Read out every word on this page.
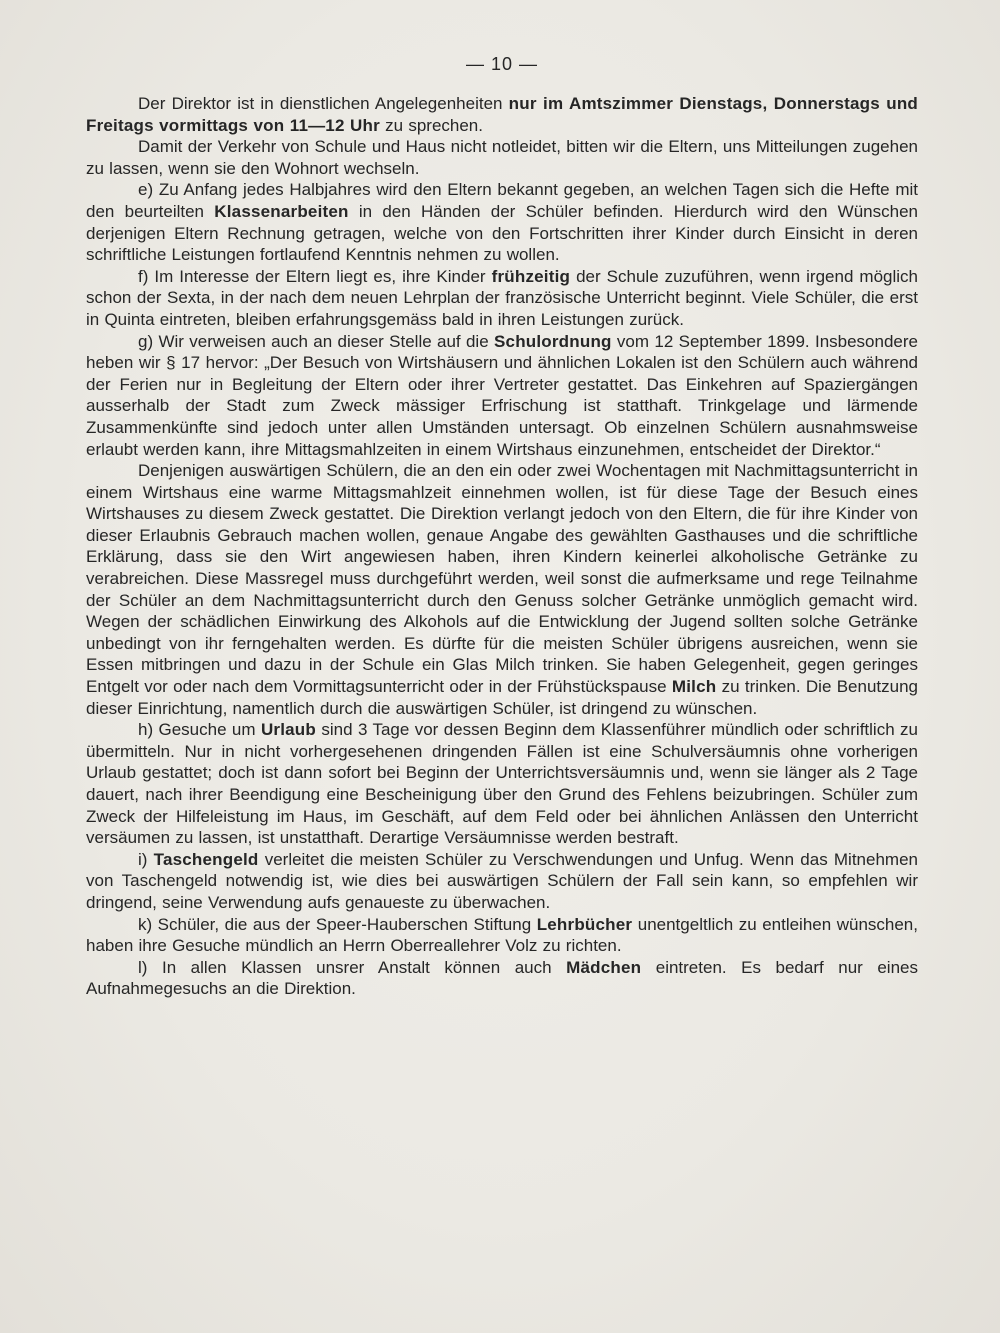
— 10 —

Der Direktor ist in dienstlichen Angelegenheiten nur im Amtszimmer Dienstags, Donnerstags und Freitags vormittags von 11—12 Uhr zu sprechen.

Damit der Verkehr von Schule und Haus nicht notleidet, bitten wir die Eltern, uns Mitteilungen zugehen zu lassen, wenn sie den Wohnort wechseln.

e) Zu Anfang jedes Halbjahres wird den Eltern bekannt gegeben, an welchen Tagen sich die Hefte mit den beurteilten Klassenarbeiten in den Händen der Schüler befinden. Hierdurch wird den Wünschen derjenigen Eltern Rechnung getragen, welche von den Fortschritten ihrer Kinder durch Einsicht in deren schriftliche Leistungen fortlaufend Kenntnis nehmen zu wollen.

f) Im Interesse der Eltern liegt es, ihre Kinder frühzeitig der Schule zuzuführen, wenn irgend möglich schon der Sexta, in der nach dem neuen Lehrplan der französische Unterricht beginnt. Viele Schüler, die erst in Quinta eintreten, bleiben erfahrungsgemäss bald in ihren Leistungen zurück.

g) Wir verweisen auch an dieser Stelle auf die Schulordnung vom 12 September 1899. Insbesondere heben wir § 17 hervor: „Der Besuch von Wirtshäusern und ähnlichen Lokalen ist den Schülern auch während der Ferien nur in Begleitung der Eltern oder ihrer Vertreter gestattet. Das Einkehren auf Spaziergängen ausserhalb der Stadt zum Zweck mässiger Erfrischung ist statthaft. Trinkgelage und lärmende Zusammenkünfte sind jedoch unter allen Umständen untersagt. Ob einzelnen Schülern ausnahmsweise erlaubt werden kann, ihre Mittagsmahlzeiten in einem Wirtshaus einzunehmen, entscheidet der Direktor.“

Denjenigen auswärtigen Schülern, die an den ein oder zwei Wochentagen mit Nachmittagsunterricht in einem Wirtshaus eine warme Mittagsmahlzeit einnehmen wollen, ist für diese Tage der Besuch eines Wirtshauses zu diesem Zweck gestattet. Die Direktion verlangt jedoch von den Eltern, die für ihre Kinder von dieser Erlaubnis Gebrauch machen wollen, genaue Angabe des gewählten Gasthauses und die schriftliche Erklärung, dass sie den Wirt angewiesen haben, ihren Kindern keinerlei alkoholische Getränke zu verabreichen. Diese Massregel muss durchgeführt werden, weil sonst die aufmerksame und rege Teilnahme der Schüler an dem Nachmittagsunterricht durch den Genuss solcher Getränke unmöglich gemacht wird. Wegen der schädlichen Einwirkung des Alkohols auf die Entwicklung der Jugend sollten solche Getränke unbedingt von ihr ferngehalten werden. Es dürfte für die meisten Schüler übrigens ausreichen, wenn sie Essen mitbringen und dazu in der Schule ein Glas Milch trinken. Sie haben Gelegenheit, gegen geringes Entgelt vor oder nach dem Vormittagsunterricht oder in der Frühstückspause Milch zu trinken. Die Benutzung dieser Einrichtung, namentlich durch die auswärtigen Schüler, ist dringend zu wünschen.

h) Gesuche um Urlaub sind 3 Tage vor dessen Beginn dem Klassenführer mündlich oder schriftlich zu übermitteln. Nur in nicht vorhergesehenen dringenden Fällen ist eine Schulversäumnis ohne vorherigen Urlaub gestattet; doch ist dann sofort bei Beginn der Unterrichtsversäumnis und, wenn sie länger als 2 Tage dauert, nach ihrer Beendigung eine Bescheinigung über den Grund des Fehlens beizubringen. Schüler zum Zweck der Hilfeleistung im Haus, im Geschäft, auf dem Feld oder bei ähnlichen Anlässen den Unterricht versäumen zu lassen, ist unstatthaft. Derartige Versäumnisse werden bestraft.

i) Taschengeld verleitet die meisten Schüler zu Verschwendungen und Unfug. Wenn das Mitnehmen von Taschengeld notwendig ist, wie dies bei auswärtigen Schülern der Fall sein kann, so empfehlen wir dringend, seine Verwendung aufs genaueste zu überwachen.

k) Schüler, die aus der Speer-Hauberschen Stiftung Lehrbücher unentgeltlich zu entleihen wünschen, haben ihre Gesuche mündlich an Herrn Oberreallehrer Volz zu richten.

l) In allen Klassen unsrer Anstalt können auch Mädchen eintreten. Es bedarf nur eines Aufnahmegesuchs an die Direktion.
